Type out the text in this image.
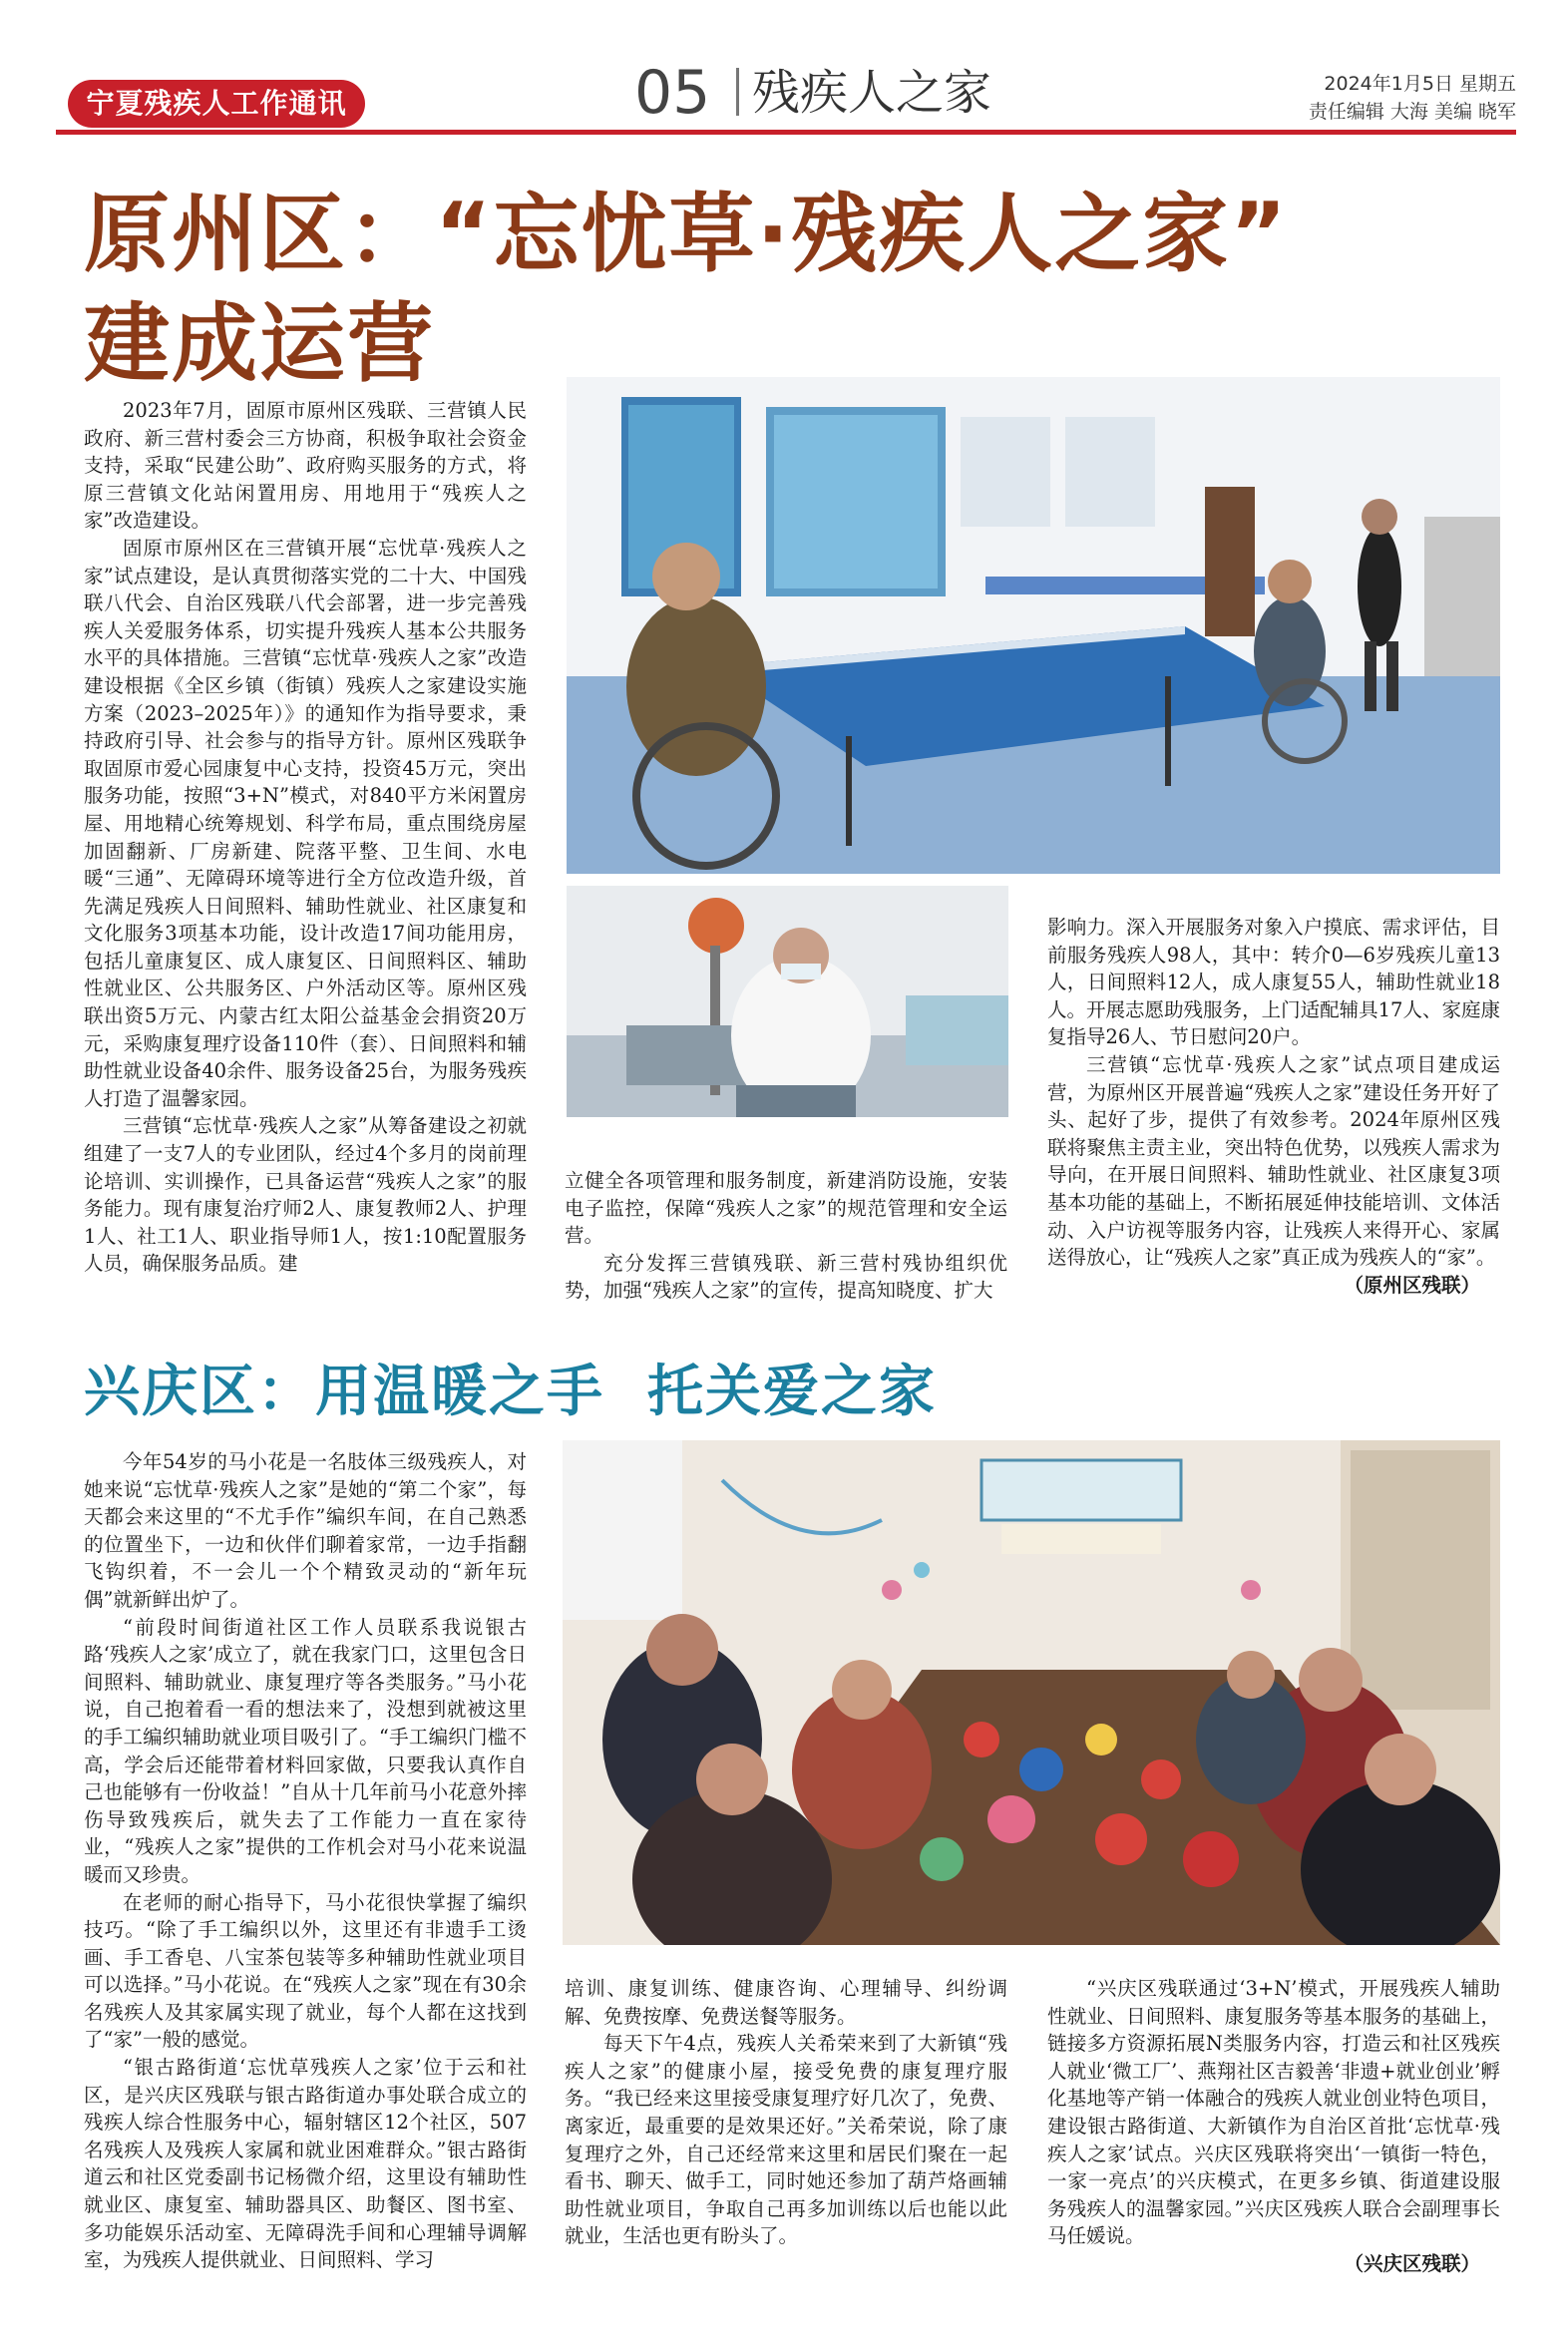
宁夏残疾人工作通讯	05 残疾人之家	2024年1月5日 星期五
责任编辑 大海 美编 晓军
原州区：“忘忧草·残疾人之家”
建成运营

2023年7月，固原市原州区残联、三营镇人民政府、新三营村委会三方协商，积极争取社会资金支持，采取“民建公助”、政府购买服务的方式，将原三营镇文化站闲置用房、用地用于“残疾人之家”改造建设。

固原市原州区在三营镇开展“忘忧草·残疾人之家”试点建设，是认真贯彻落实党的二十大、中国残联八代会、自治区残联八代会部署，进一步完善残疾人关爱服务体系，切实提升残疾人基本公共服务水平的具体措施。三营镇“忘忧草·残疾人之家”改造建设根据《全区乡镇（街镇）残疾人之家建设实施方案（2023–2025年）》的通知作为指导要求，秉持政府引导、社会参与的指导方针。原州区残联争取固原市爱心园康复中心支持，投资45万元，突出服务功能，按照“3+N”模式，对840平方米闲置房屋、用地精心统筹规划、科学布局，重点围绕房屋加固翻新、厂房新建、院落平整、卫生间、水电暖“三通”、无障碍环境等进行全方位改造升级，首先满足残疾人日间照料、辅助性就业、社区康复和文化服务3项基本功能，设计改造17间功能用房，包括儿童康复区、成人康复区、日间照料区、辅助性就业区、公共服务区、户外活动区等。原州区残联出资5万元、内蒙古红太阳公益基金会捐资20万元，采购康复理疗设备110件（套）、日间照料和辅助性就业设备40余件、服务设备25台，为服务残疾人打造了温馨家园。

三营镇“忘忧草·残疾人之家”从筹备建设之初就组建了一支7人的专业团队，经过4个多月的岗前理论培训、实训操作，已具备运营“残疾人之家”的服务能力。现有康复治疗师2人、康复教师2人、护理1人、社工1人、职业指导师1人，按1:10配置服务人员，确保服务品质。建

立健全各项管理和服务制度，新建消防设施，安装电子监控，保障“残疾人之家”的规范管理和安全运营。

充分发挥三营镇残联、新三营村残协组织优势，加强“残疾人之家”的宣传，提高知晓度、扩大

影响力。深入开展服务对象入户摸底、需求评估，目前服务残疾人98人，其中：转介0—6岁残疾儿童13人，日间照料12人，成人康复55人，辅助性就业18人。开展志愿助残服务，上门适配辅具17人、家庭康复指导26人、节日慰问20户。

三营镇“忘忧草·残疾人之家”试点项目建成运营，为原州区开展普遍“残疾人之家”建设任务开好了头、起好了步，提供了有效参考。2024年原州区残联将聚焦主责主业，突出特色优势，以残疾人需求为导向，在开展日间照料、辅助性就业、社区康复3项基本功能的基础上，不断拓展延伸技能培训、文体活动、入户访视等服务内容，让残疾人来得开心、家属送得放心，让“残疾人之家”真正成为残疾人的“家”。

（原州区残联）
兴庆区：用温暖之手  托关爱之家

今年54岁的马小花是一名肢体三级残疾人，对她来说“忘忧草·残疾人之家”是她的“第二个家”，每天都会来这里的“不尤手作”编织车间，在自己熟悉的位置坐下，一边和伙伴们聊着家常，一边手指翻飞钩织着，不一会儿一个个精致灵动的“新年玩偶”就新鲜出炉了。

“前段时间街道社区工作人员联系我说银古路‘残疾人之家’成立了，就在我家门口，这里包含日间照料、辅助就业、康复理疗等各类服务。”马小花说，自己抱着看一看的想法来了，没想到就被这里的手工编织辅助就业项目吸引了。“手工编织门槛不高，学会后还能带着材料回家做，只要我认真作自己也能够有一份收益！”自从十几年前马小花意外摔伤导致残疾后，就失去了工作能力一直在家待业，“残疾人之家”提供的工作机会对马小花来说温暖而又珍贵。

在老师的耐心指导下，马小花很快掌握了编织技巧。“除了手工编织以外，这里还有非遗手工烫画、手工香皂、八宝茶包装等多种辅助性就业项目可以选择。”马小花说。在“残疾人之家”现在有30余名残疾人及其家属实现了就业，每个人都在这找到了“家”一般的感觉。

“银古路街道‘忘忧草残疾人之家’位于云和社区，是兴庆区残联与银古路街道办事处联合成立的残疾人综合性服务中心，辐射辖区12个社区，507名残疾人及残疾人家属和就业困难群众。”银古路街道云和社区党委副书记杨微介绍，这里设有辅助性就业区、康复室、辅助器具区、助餐区、图书室、多功能娱乐活动室、无障碍洗手间和心理辅导调解室，为残疾人提供就业、日间照料、学习

培训、康复训练、健康咨询、心理辅导、纠纷调解、免费按摩、免费送餐等服务。

每天下午4点，残疾人关希荣来到了大新镇“残疾人之家”的健康小屋，接受免费的康复理疗服务。“我已经来这里接受康复理疗好几次了，免费、离家近，最重要的是效果还好。”关希荣说，除了康复理疗之外，自己还经常来这里和居民们聚在一起看书、聊天、做手工，同时她还参加了葫芦烙画辅助性就业项目，争取自己再多加训练以后也能以此就业，生活也更有盼头了。

“兴庆区残联通过‘3+N’模式，开展残疾人辅助性就业、日间照料、康复服务等基本服务的基础上，链接多方资源拓展N类服务内容，打造云和社区残疾人就业‘微工厂’、燕翔社区吉毅善‘非遗+就业创业’孵化基地等产销一体融合的残疾人就业创业特色项目，建设银古路街道、大新镇作为自治区首批‘忘忧草·残疾人之家’试点。兴庆区残联将突出‘一镇街一特色，一家一亮点’的兴庆模式，在更多乡镇、街道建设服务残疾人的温馨家园。”兴庆区残疾人联合会副理事长马任媛说。

（兴庆区残联）
